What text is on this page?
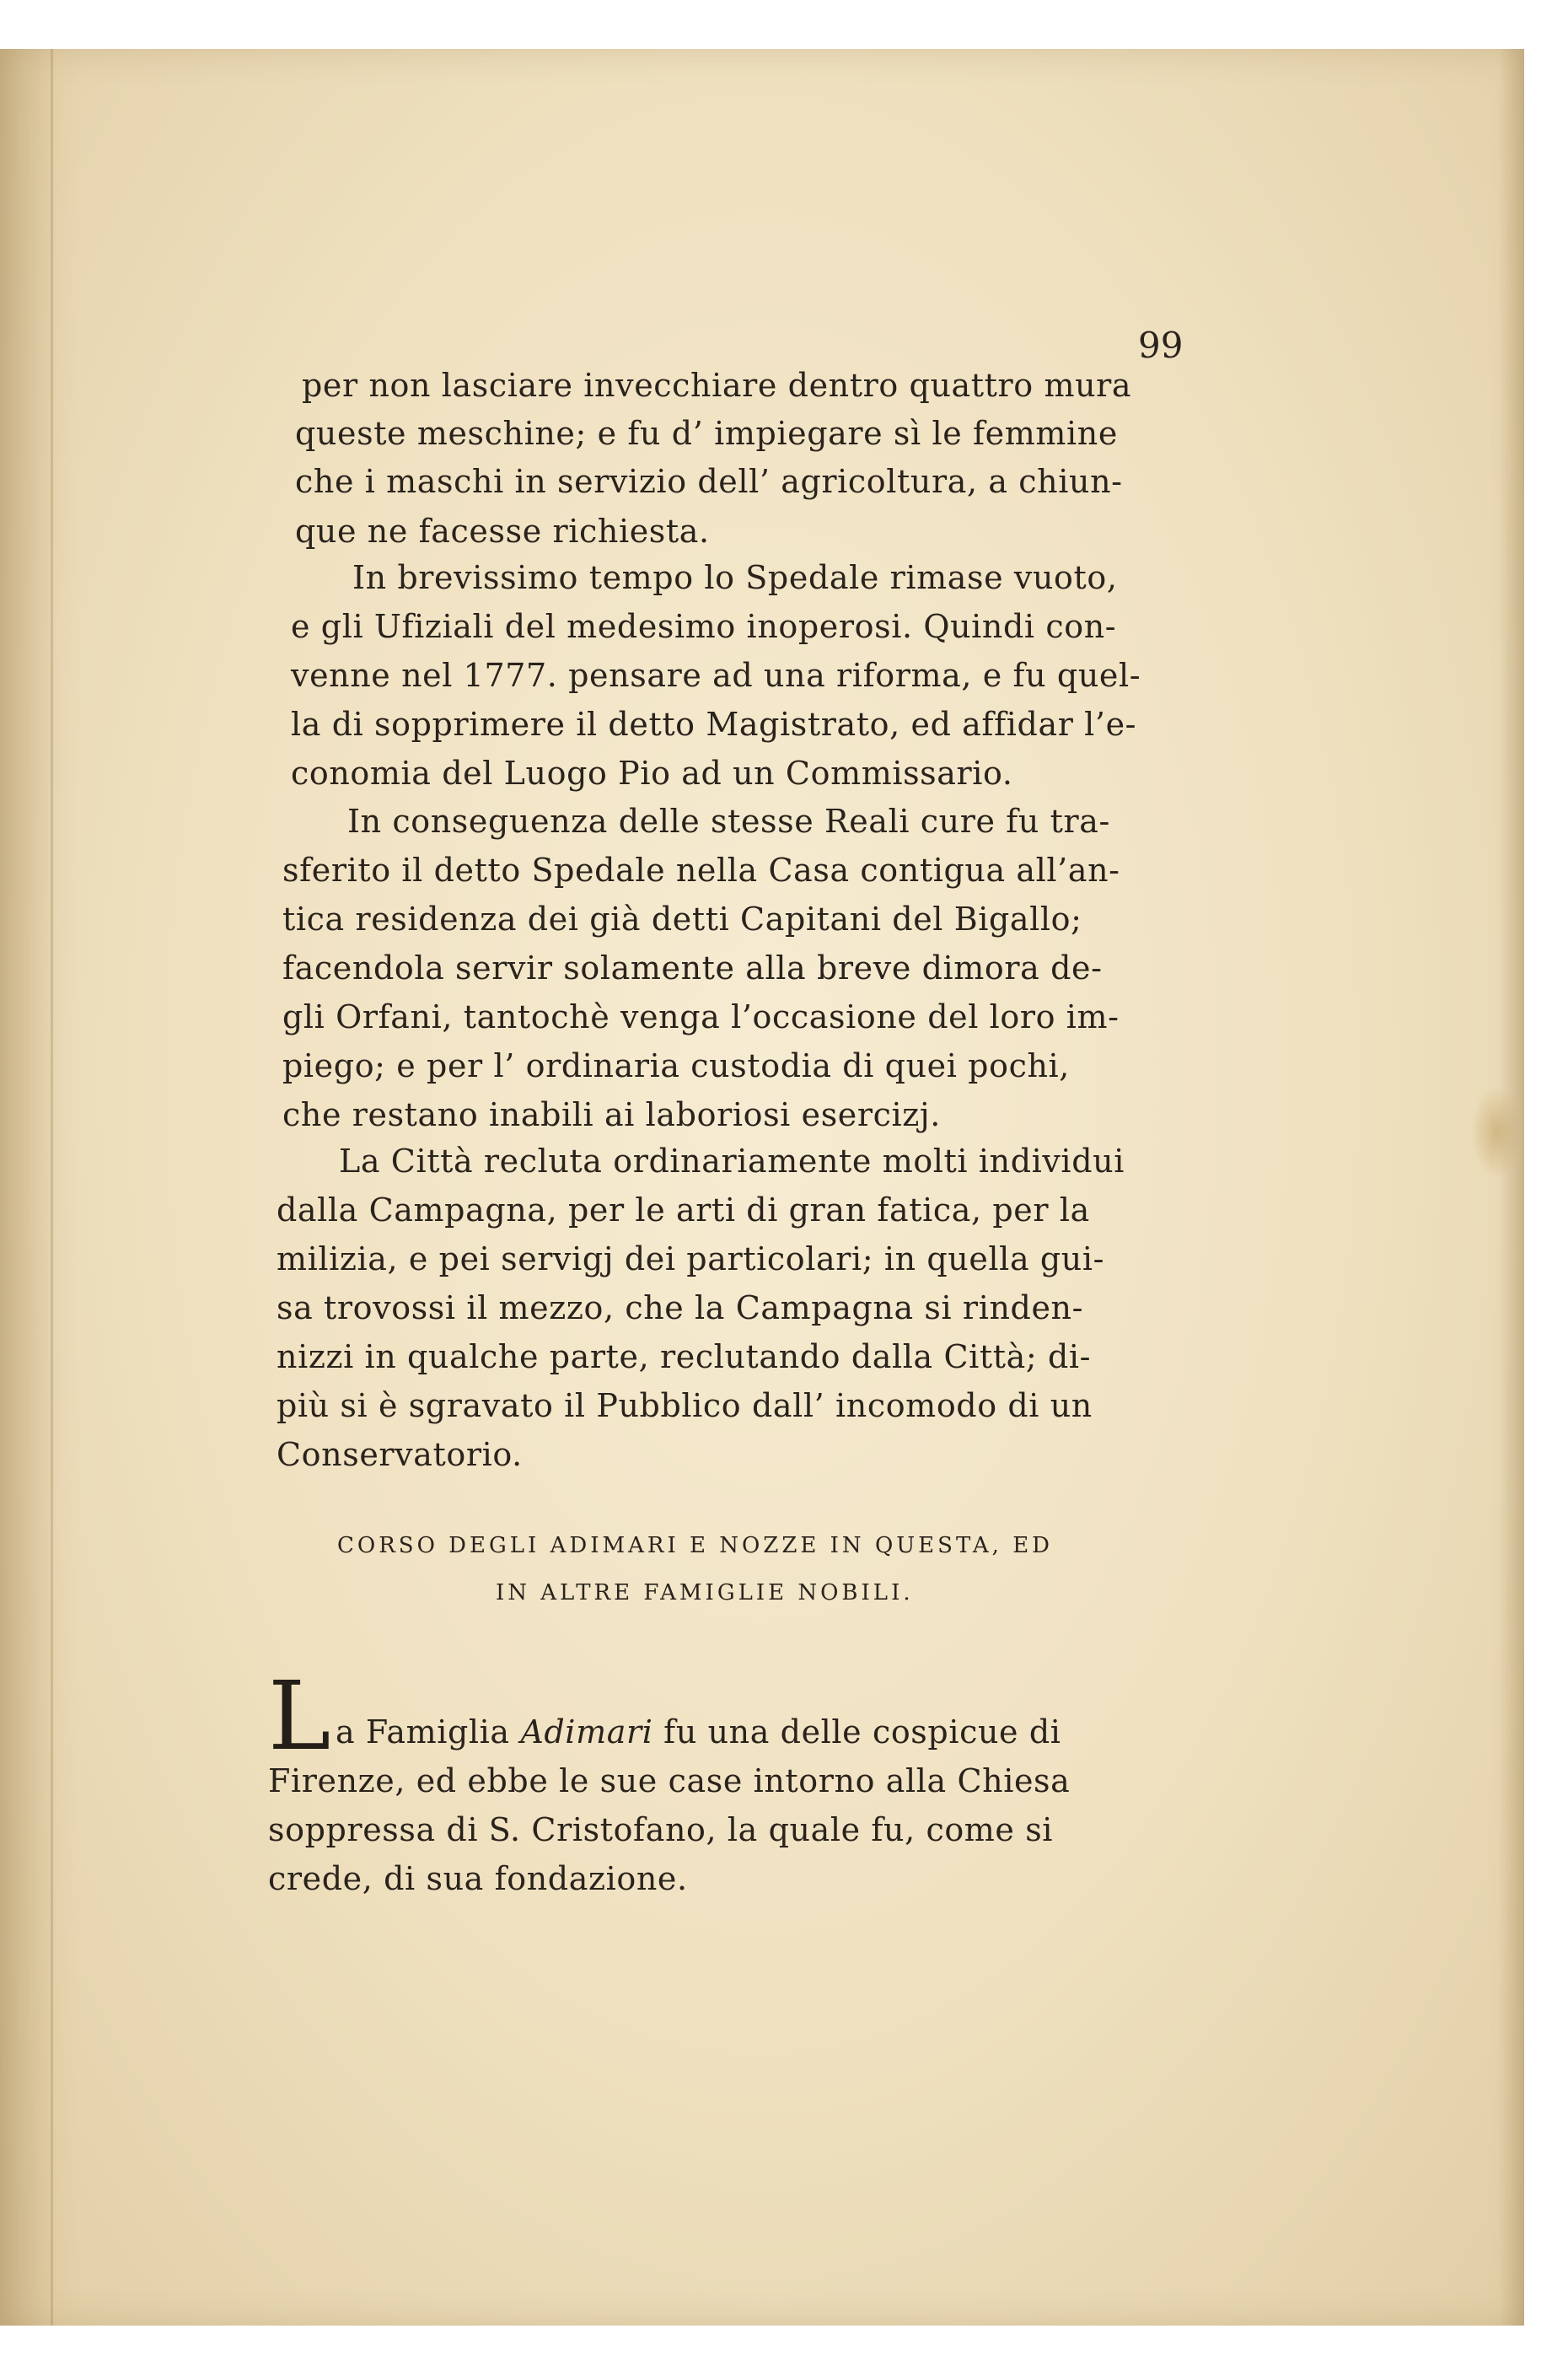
99
per non lasciare invecchiare dentro quattro mura
queste meschine; e fu d’ impiegare sì le femmine
che i maschi in servizio dell’ agricoltura, a chiun-
que ne facesse richiesta.
In brevissimo tempo lo Spedale rimase vuoto,
e gli Ufiziali del medesimo inoperosi. Quindi con-
venne nel 1777. pensare ad una riforma, e fu quel-
la di sopprimere il detto Magistrato, ed affidar l’e-
conomia del Luogo Pio ad un Commissario.
In conseguenza delle stesse Reali cure fu tra-
sferito il detto Spedale nella Casa contigua all’an-
tica residenza dei già detti Capitani del Bigallo;
facendola servir solamente alla breve dimora de-
gli Orfani, tantochè venga l’occasione del loro im-
piego; e per l’ ordinaria custodia di quei pochi,
che restano inabili ai laboriosi esercizj.
La Città recluta ordinariamente molti individui
dalla Campagna, per le arti di gran fatica, per la
milizia, e pei servigj dei particolari; in quella gui-
sa trovossi il mezzo, che la Campagna si rinden-
nizzi in qualche parte, reclutando dalla Città; di-
più si è sgravato il Pubblico dall’ incomodo di un
Conservatorio.
CORSO DEGLI ADIMARI E NOZZE IN QUESTA, ED
IN ALTRE FAMIGLIE NOBILI.
L a Famiglia Adimari fu una delle cospicue di
Firenze, ed ebbe le sue case intorno alla Chiesa
soppressa di S. Cristofano, la quale fu, come si
crede, di sua fondazione.
